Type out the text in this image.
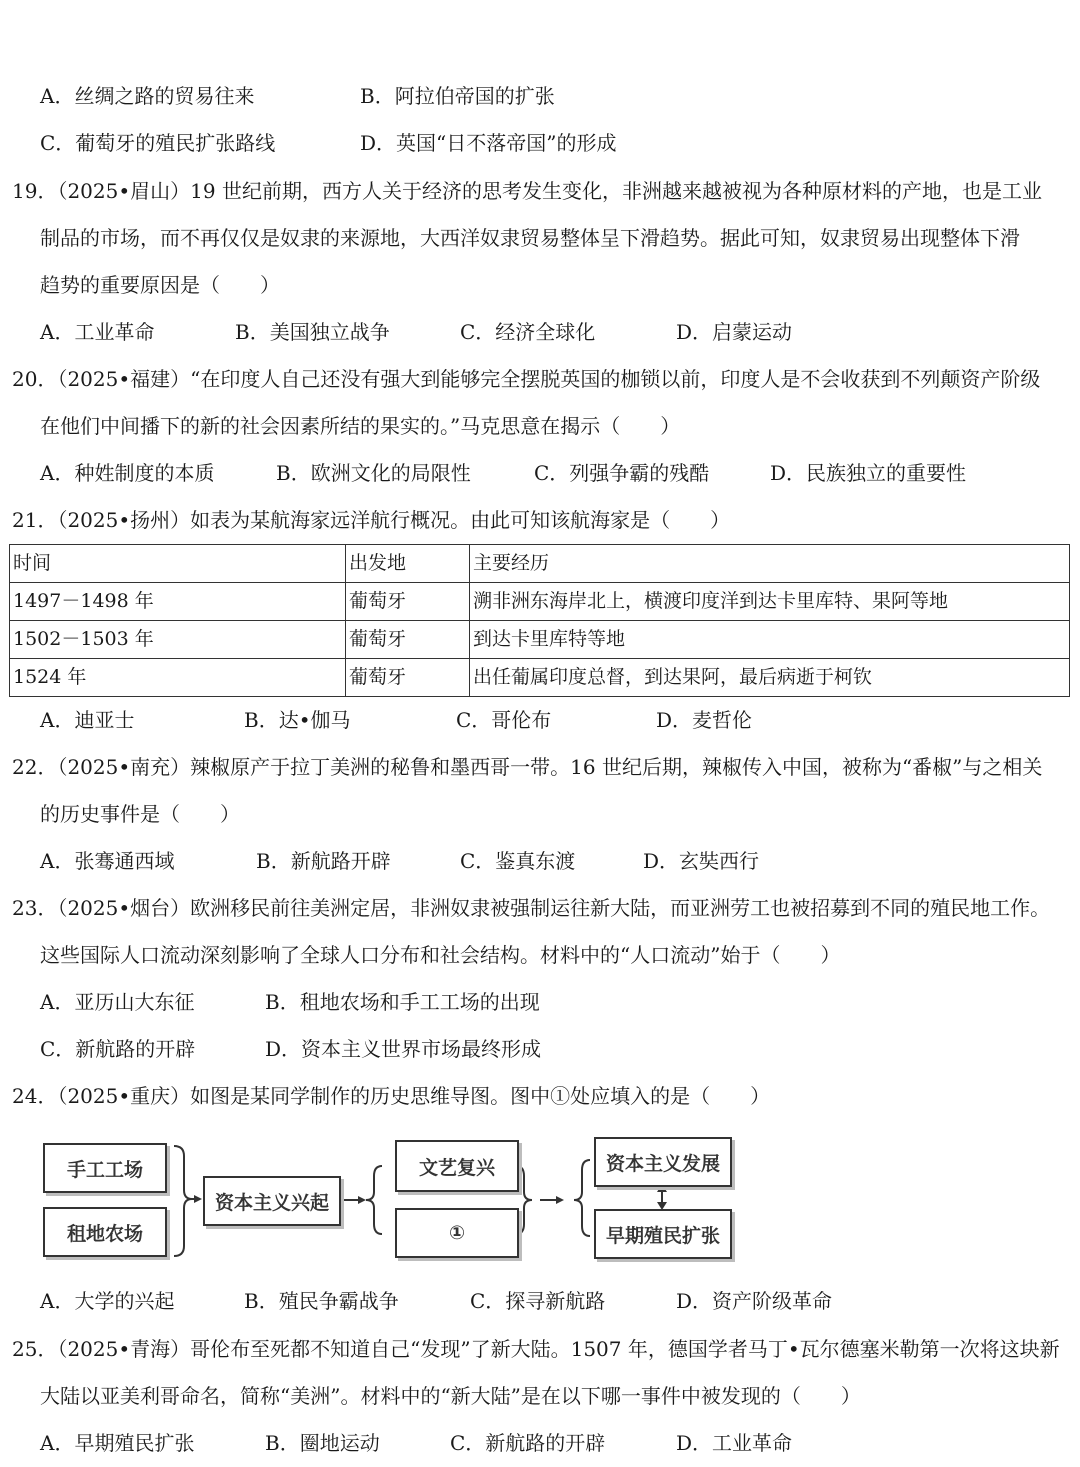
A．丝绸之路的贸易往来	B．阿拉伯帝国的扩张
C．葡萄牙的殖民扩张路线	D．英国“日不落帝国”的形成
19．（2025•眉山）19 世纪前期，西方人关于经济的思考发生变化，非洲越来越被视为各种原材料的产地，也是工业
制品的市场，而不再仅仅是奴隶的来源地，大西洋奴隶贸易整体呈下滑趋势。据此可知，奴隶贸易出现整体下滑
趋势的重要原因是（　　）
A．工业革命	B．美国独立战争	C．经济全球化	D．启蒙运动
20．（2025•福建）“在印度人自己还没有强大到能够完全摆脱英国的枷锁以前，印度人是不会收获到不列颠资产阶级
在他们中间播下的新的社会因素所结的果实的。”马克思意在揭示（　　）
A．种姓制度的本质	B．欧洲文化的局限性	C．列强争霸的残酷	D．民族独立的重要性
21．（2025•扬州）如表为某航海家远洋航行概况。由此可知该航海家是（　　）
时间	出发地	主要经历
1497－1498 年	葡萄牙	溯非洲东海岸北上，横渡印度洋到达卡里库特、果阿等地
1502－1503 年	葡萄牙	到达卡里库特等地
1524 年	葡萄牙	出任葡属印度总督，到达果阿，最后病逝于柯钦
A．迪亚士	B．达•伽马	C．哥伦布	D．麦哲伦
22．（2025•南充）辣椒原产于拉丁美洲的秘鲁和墨西哥一带。16 世纪后期，辣椒传入中国，被称为“番椒”与之相关
的历史事件是（　　）
A．张骞通西域	B．新航路开辟	C．鉴真东渡	D．玄奘西行
23．（2025•烟台）欧洲移民前往美洲定居，非洲奴隶被强制运往新大陆，而亚洲劳工也被招募到不同的殖民地工作。
这些国际人口流动深刻影响了全球人口分布和社会结构。材料中的“人口流动”始于（　　）
A．亚历山大东征	B．租地农场和手工工场的出现
C．新航路的开辟	D．资本主义世界市场最终形成
24．（2025•重庆）如图是某同学制作的历史思维导图。图中①处应填入的是（　　）
手工工场
租地农场
资本主义兴起
文艺复兴
①
资本主义发展
早期殖民扩张
A．大学的兴起	B．殖民争霸战争	C．探寻新航路	D．资产阶级革命
25．（2025•青海）哥伦布至死都不知道自己“发现”了新大陆。1507 年，德国学者马丁•瓦尔德塞米勒第一次将这块新
大陆以亚美利哥命名，简称“美洲”。材料中的“新大陆”是在以下哪一事件中被发现的（　　）
A．早期殖民扩张	B．圈地运动	C．新航路的开辟	D．工业革命
